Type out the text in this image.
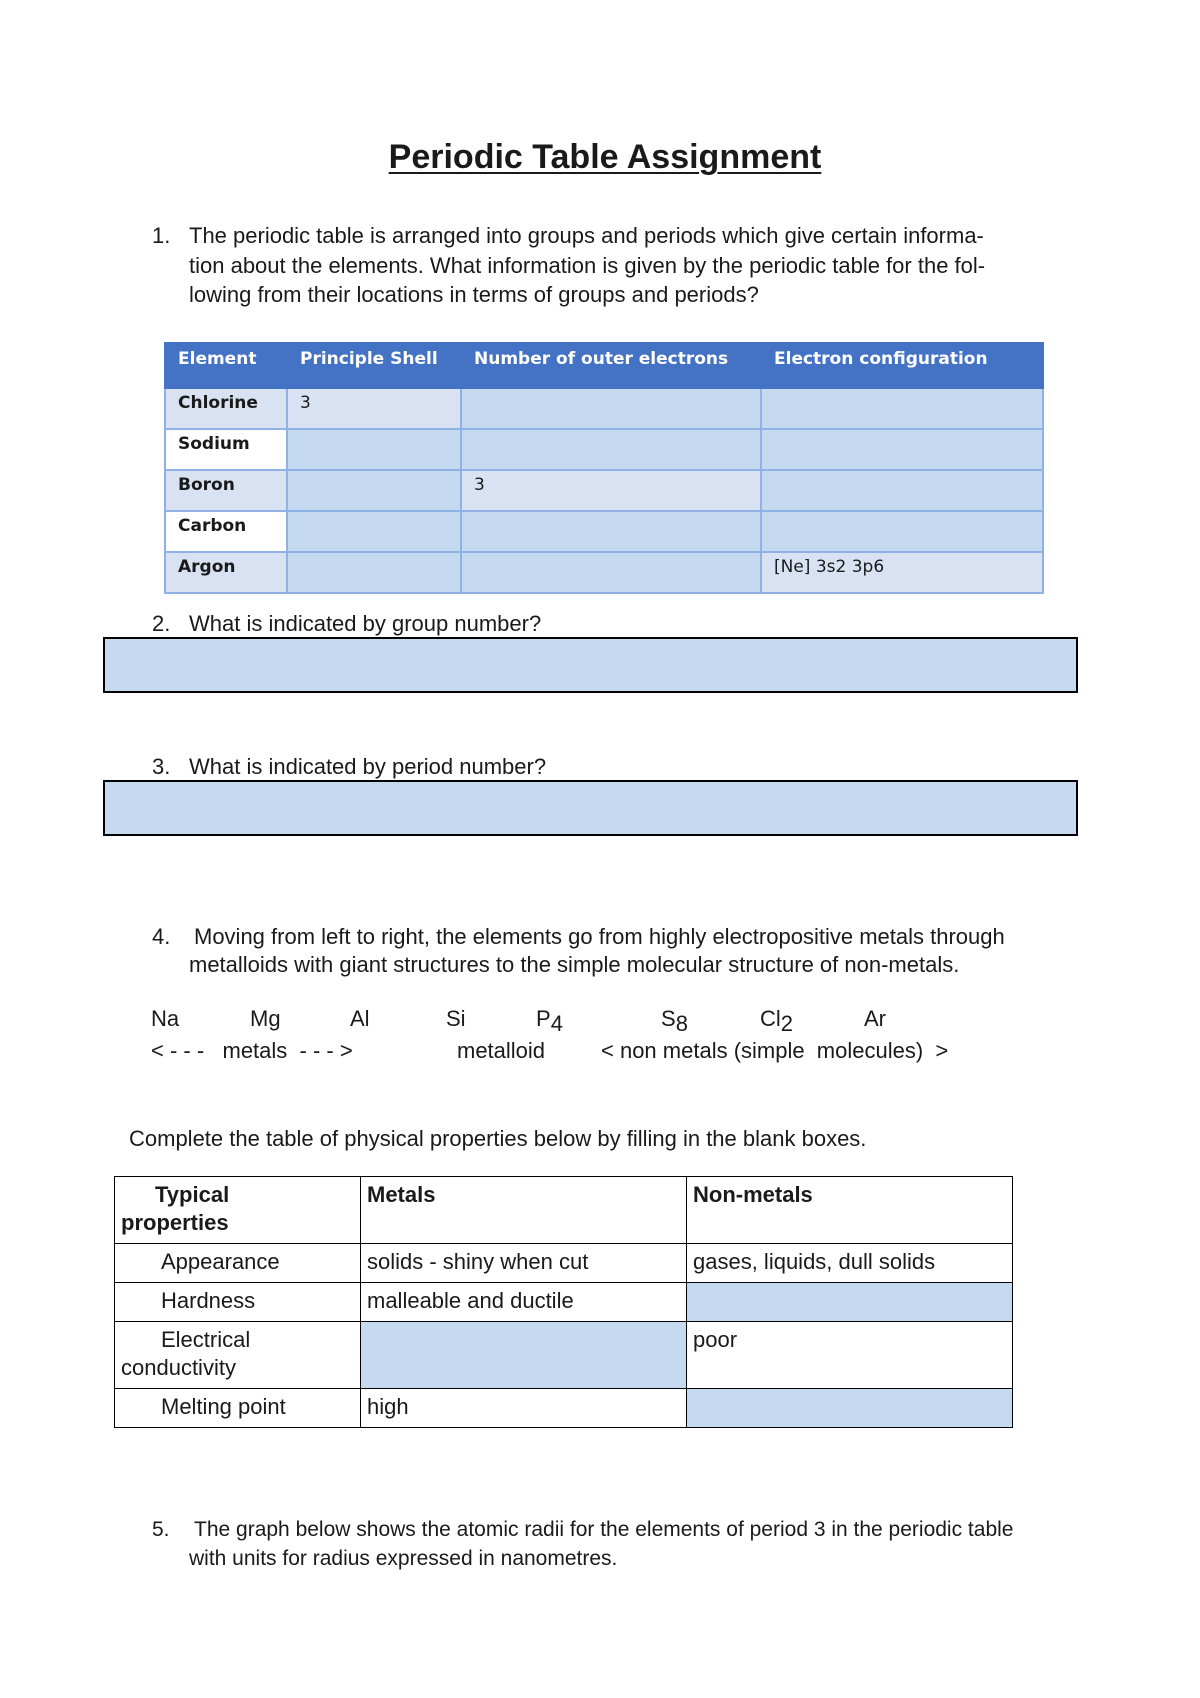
Periodic Table Assignment
1. The periodic table is arranged into groups and periods which give certain informa-
tion about the elements. What information is given by the periodic table for the fol-
lowing from their locations in terms of groups and periods?
Element	Principle Shell	Number of outer electrons	Electron configuration
Chlorine	3		
Sodium			
Boron		3	
Carbon			
Argon			[Ne] 3s2 3p6
2. What is indicated by group number?
3. What is indicated by period number?
4. Moving from left to right, the elements go from highly electropositive metals through
metalloids with giant structures to the simple molecular structure of non-metals.
Na	Mg	Al	Si	P4	S8	Cl2	Ar
< - - -   metals  - - - >	metalloid	< non metals (simple  molecules)  >
Complete the table of physical properties below by filling in the blank boxes.
Typical properties	Metals	Non-metals
Appearance	solids - shiny when cut	gases, liquids, dull solids
Hardness	malleable and ductile	

Electrical conductivity		poor
Melting point	high	
5. The graph below shows the atomic radii for the elements of period 3 in the periodic table
with units for radius expressed in nanometres.
